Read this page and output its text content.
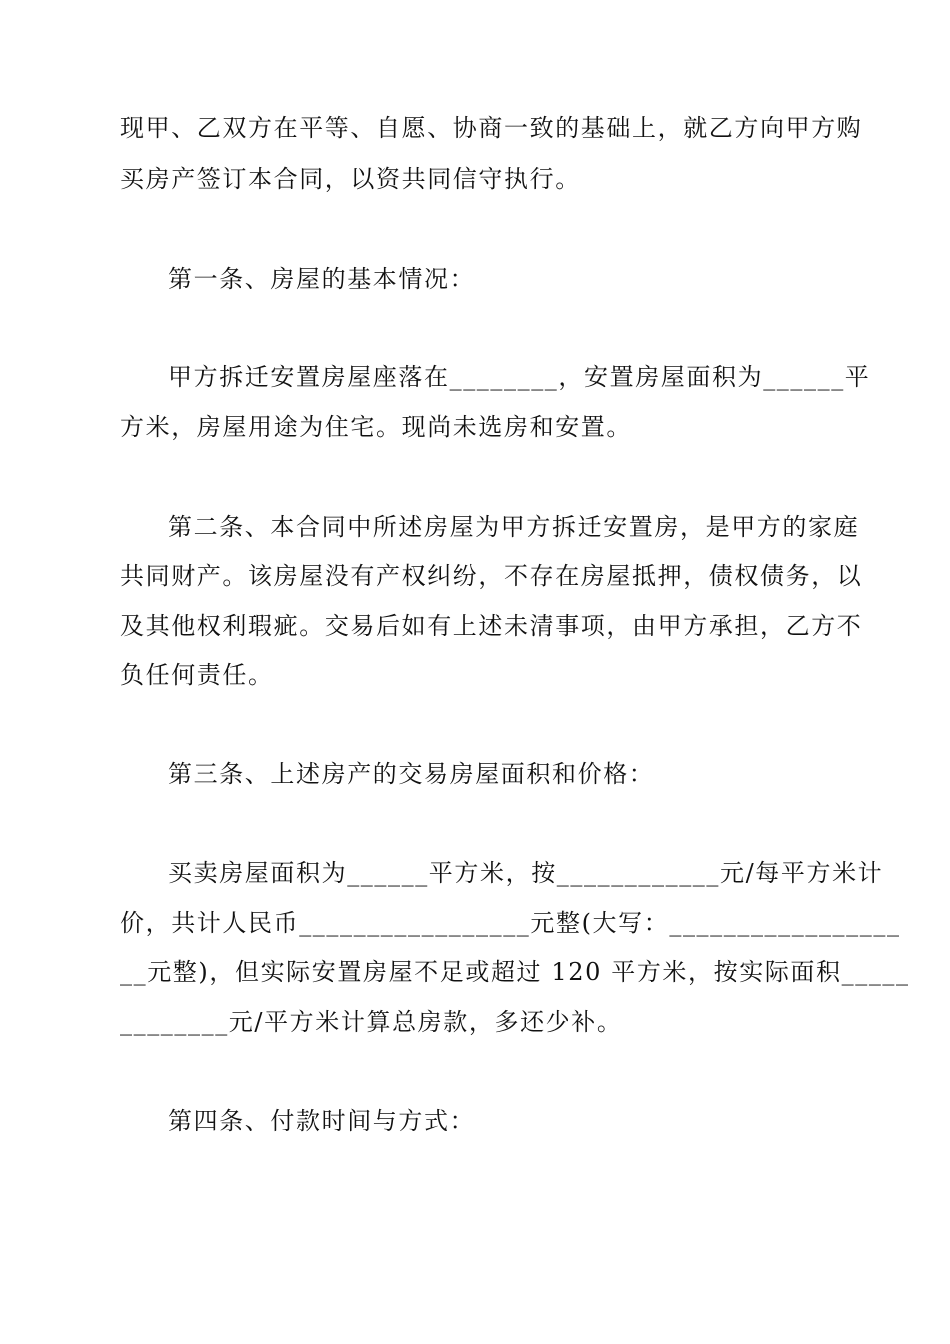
现甲、乙双方在平等、自愿、协商一致的基础上，就乙方向甲方购
买房产签订本合同，以资共同信守执行。
第一条、房屋的基本情况：
甲方拆迁安置房屋座落在________，安置房屋面积为______平
方米，房屋用途为住宅。现尚未选房和安置。
第二条、本合同中所述房屋为甲方拆迁安置房，是甲方的家庭
共同财产。该房屋没有产权纠纷，不存在房屋抵押，债权债务，以
及其他权利瑕疵。交易后如有上述未清事项，由甲方承担，乙方不
负任何责任。
第三条、上述房产的交易房屋面积和价格：
买卖房屋面积为______平方米，按____________元/每平方米计
价，共计人民币_________________元整(大写：_________________
__元整)，但实际安置房屋不足或超过 120 平方米，按实际面积_____
________元/平方米计算总房款，多还少补。
第四条、付款时间与方式：
